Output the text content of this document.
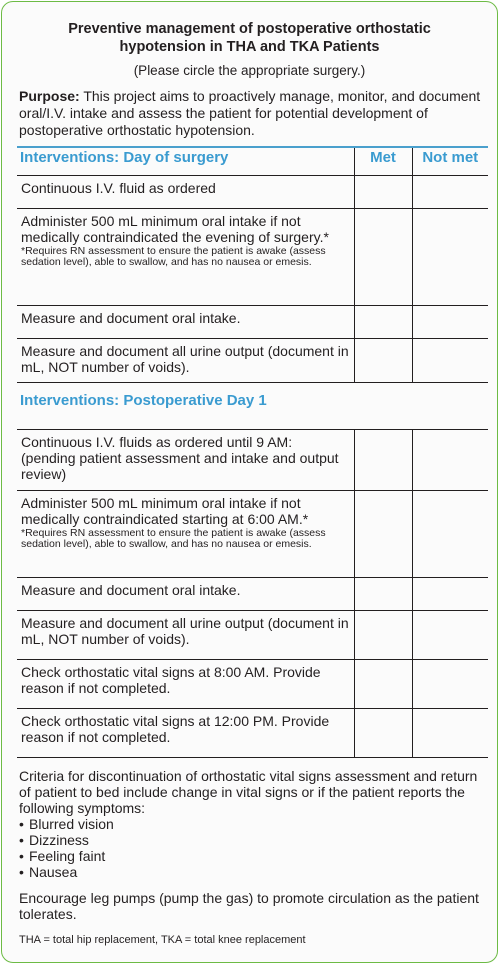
Preventive management of postoperative orthostatic hypotension in THA and TKA Patients
(Please circle the appropriate surgery.)
Purpose: This project aims to proactively manage, monitor, and document oral/I.V. intake and assess the patient for potential development of postoperative orthostatic hypotension.
Interventions: Day of surgery	Met	Not met

Continuous I.V. fluid as ordered		

Administer 500 mL minimum oral intake if not medically contraindicated the evening of surgery.*
*Requires RN assessment to ensure the patient is awake (assess sedation level), able to swallow, and has no nausea or emesis.		

Measure and document oral intake.		

Measure and document all urine output (document in mL, NOT number of voids).		

Interventions: Postoperative Day 1		

Continuous I.V. fluids as ordered until 9 AM: (pending patient assessment and intake and output review)		

Administer 500 mL minimum oral intake if not medically contraindicated starting at 6:00 AM.*
*Requires RN assessment to ensure the patient is awake (assess sedation level), able to swallow, and has no nausea or emesis.		

Measure and document oral intake.		

Measure and document all urine output (document in mL, NOT number of voids).		

Check orthostatic vital signs at 8:00 AM. Provide reason if not completed.		

Check orthostatic vital signs at 12:00 PM. Provide reason if not completed.		

Criteria for discontinuation of orthostatic vital signs assessment and return of patient to bed include change in vital signs or if the patient reports the following symptoms:
• Blurred vision
• Dizziness
• Feeling faint
• Nausea
Encourage leg pumps (pump the gas) to promote circulation as the patient tolerates.
THA = total hip replacement, TKA = total knee replacement
